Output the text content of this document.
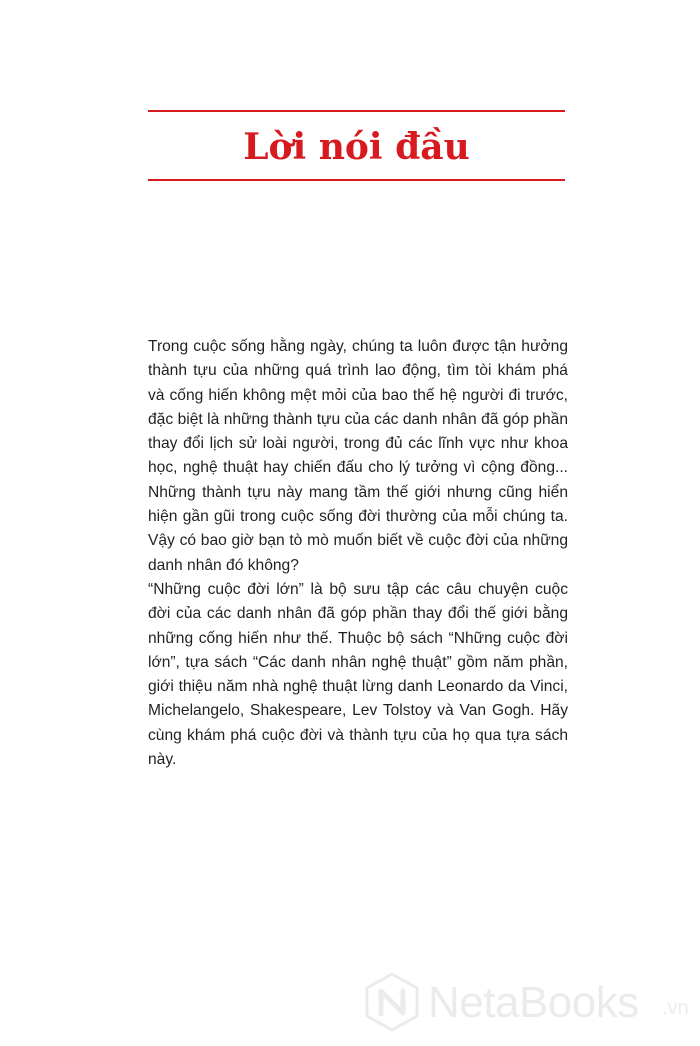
Lời nói đầu

Trong cuộc sống hằng ngày, chúng ta luôn được tận hưởng thành tựu của những quá trình lao động, tìm tòi khám phá và cống hiến không mệt mỏi của bao thế hệ người đi trước, đặc biệt là những thành tựu của các danh nhân đã góp phần thay đổi lịch sử loài người, trong đủ các lĩnh vực như khoa học, nghệ thuật hay chiến đấu cho lý tưởng vì cộng đồng... Những thành tựu này mang tầm thế giới nhưng cũng hiển hiện gần gũi trong cuộc sống đời thường của mỗi chúng ta. Vậy có bao giờ bạn tò mò muốn biết về cuộc đời của những danh nhân đó không?

“Những cuộc đời lớn” là bộ sưu tập các câu chuyện cuộc đời của các danh nhân đã góp phần thay đổi thế giới bằng những cống hiến như thế. Thuộc bộ sách “Những cuộc đời lớn”, tựa sách “Các danh nhân nghệ thuật” gồm năm phần, giới thiệu năm nhà nghệ thuật lừng danh Leonardo da Vinci, Michelangelo, Shakespeare, Lev Tolstoy và Van Gogh. Hãy cùng khám phá cuộc đời và thành tựu của họ qua tựa sách này.

NetaBooks .vn
